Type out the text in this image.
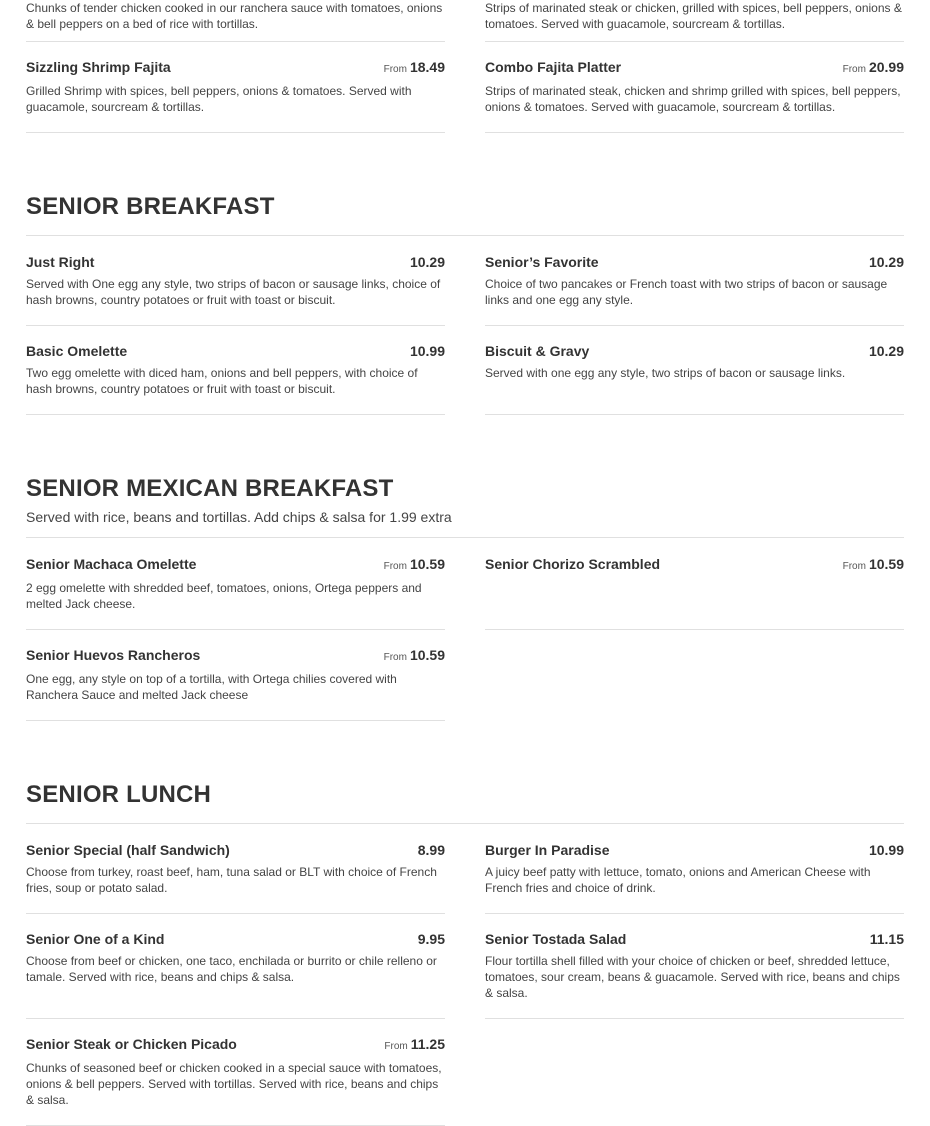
Chunks of tender chicken cooked in our ranchera sauce with tomatoes, onions & bell peppers on a bed of rice with tortillas.
Strips of marinated steak or chicken, grilled with spices, bell peppers, onions & tomatoes. Served with guacamole, sourcream & tortillas.
Sizzling Shrimp Fajita	From 18.49
Grilled Shrimp with spices, bell peppers, onions & tomatoes. Served with guacamole, sourcream & tortillas.
Combo Fajita Platter	From 20.99
Strips of marinated steak, chicken and shrimp grilled with spices, bell peppers, onions & tomatoes. Served with guacamole, sourcream & tortillas.
SENIOR BREAKFAST
Just Right	10.29
Served with One egg any style, two strips of bacon or sausage links, choice of hash browns, country potatoes or fruit with toast or biscuit.
Senior’s Favorite	10.29
Choice of two pancakes or French toast with two strips of bacon or sausage links and one egg any style.
Basic Omelette	10.99
Two egg omelette with diced ham, onions and bell peppers, with choice of hash browns, country potatoes or fruit with toast or biscuit.
Biscuit & Gravy	10.29
Served with one egg any style, two strips of bacon or sausage links.
SENIOR MEXICAN BREAKFAST
Served with rice, beans and tortillas. Add chips & salsa for 1.99 extra
Senior Machaca Omelette	From 10.59
2 egg omelette with shredded beef, tomatoes, onions, Ortega peppers and melted Jack cheese.
Senior Chorizo Scrambled	From 10.59
Senior Huevos Rancheros	From 10.59
One egg, any style on top of a tortilla, with Ortega chilies covered with Ranchera Sauce and melted Jack cheese
SENIOR LUNCH
Senior Special (half Sandwich)	8.99
Choose from turkey, roast beef, ham, tuna salad or BLT with choice of French fries, soup or potato salad.
Burger In Paradise	10.99
A juicy beef patty with lettuce, tomato, onions and American Cheese with French fries and choice of drink.
Senior One of a Kind	9.95
Choose from beef or chicken, one taco, enchilada or burrito or chile relleno or tamale. Served with rice, beans and chips & salsa.
Senior Tostada Salad	11.15
Flour tortilla shell filled with your choice of chicken or beef, shredded lettuce, tomatoes, sour cream, beans & guacamole. Served with rice, beans and chips & salsa.
Senior Steak or Chicken Picado	From 11.25
Chunks of seasoned beef or chicken cooked in a special sauce with tomatoes, onions & bell peppers. Served with tortillas. Served with rice, beans and chips & salsa.
